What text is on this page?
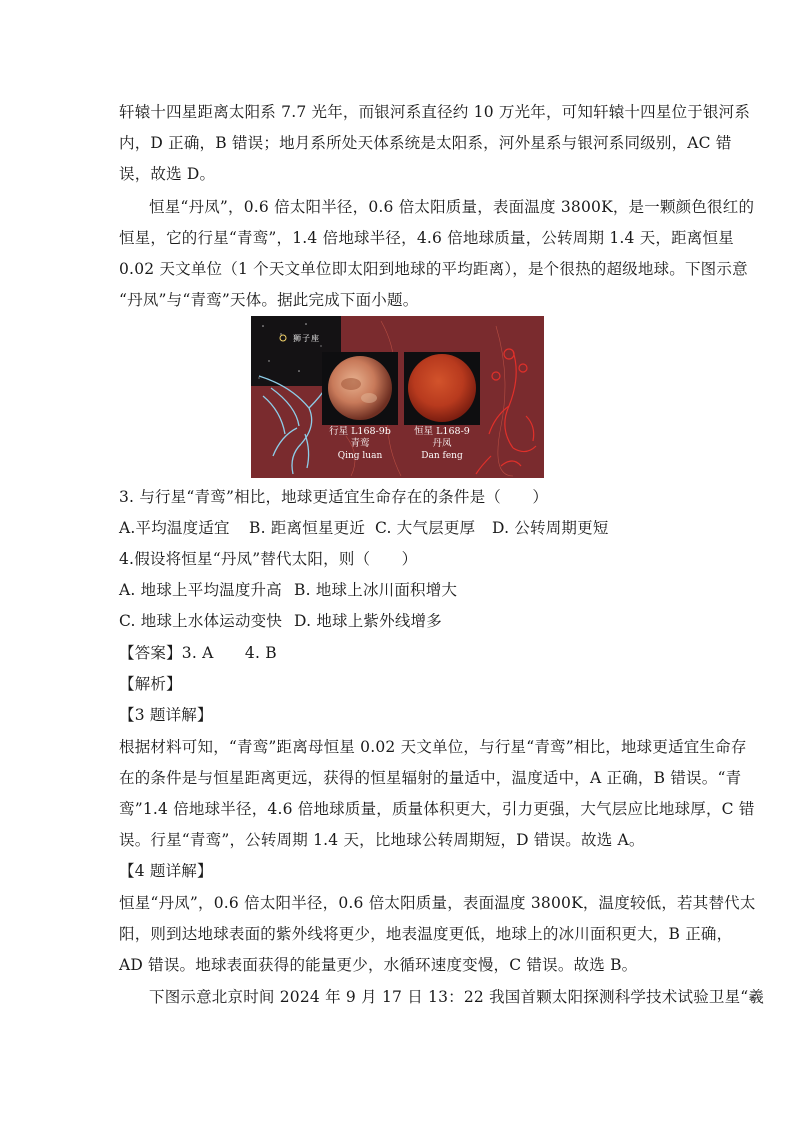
轩辕十四星距离太阳系 7.7 光年，而银河系直径约 10 万光年，可知轩辕十四星位于银河系
内，D 正确，B 错误；地月系所处天体系统是太阳系，河外星系与银河系同级别，AC 错
误，故选 D。
恒星“丹凤”，0.6 倍太阳半径，0.6 倍太阳质量，表面温度 3800K，是一颗颜色很红的
恒星，它的行星“青鸾”，1.4 倍地球半径，4.6 倍地球质量，公转周期 1.4 天，距离恒星
0.02 天文单位（1 个天文单位即太阳到地球的平均距离），是个很热的超级地球。下图示意
“丹凤”与“青鸾”天体。据此完成下面小题。
狮子座
行星 L168-9b
青鸾
Qing luan
恒星 L168-9
丹凤
Dan feng
3. 与行星“青鸾”相比，地球更适宜生命存在的条件是（　　）
A.平均温度适宜 B. 距离恒星更近 C. 大气层更厚 D. 公转周期更短
4.假设将恒星“丹凤”替代太阳，则（　　）
A. 地球上平均温度升高 B. 地球上冰川面积增大
C. 地球上水体运动变快 D. 地球上紫外线增多
【答案】3. A　　4. B
【解析】
【3 题详解】
根据材料可知，“青鸾”距离母恒星 0.02 天文单位，与行星“青鸾”相比，地球更适宜生命存
在的条件是与恒星距离更远，获得的恒星辐射的量适中，温度适中，A 正确，B 错误。“青
鸾”1.4 倍地球半径，4.6 倍地球质量，质量体积更大，引力更强，大气层应比地球厚，C 错
误。行星“青鸾”，公转周期 1.4 天，比地球公转周期短，D 错误。故选 A。
【4 题详解】
恒星“丹凤”，0.6 倍太阳半径，0.6 倍太阳质量，表面温度 3800K，温度较低，若其替代太
阳，则到达地球表面的紫外线将更少，地表温度更低，地球上的冰川面积更大，B 正确，
AD 错误。地球表面获得的能量更少，水循环速度变慢，C 错误。故选 B。
下图示意北京时间 2024 年 9 月 17 日 13：22 我国首颗太阳探测科学技术试验卫星“羲
